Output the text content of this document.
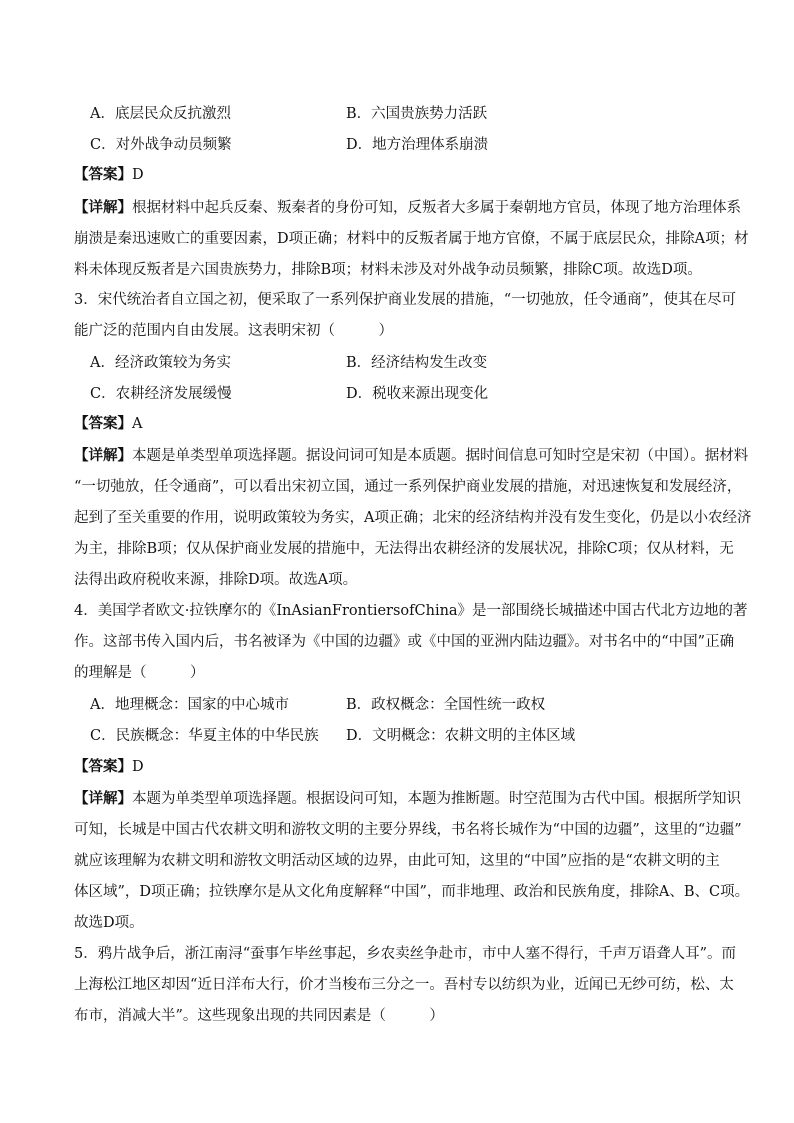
A．底层民众反抗激烈	B．六国贵族势力活跃
C．对外战争动员频繁	D．地方治理体系崩溃
【答案】D
【详解】根据材料中起兵反秦、叛秦者的身份可知，反叛者大多属于秦朝地方官员，体现了地方治理体系
崩溃是秦迅速败亡的重要因素，D项正确；材料中的反叛者属于地方官僚，不属于底层民众，排除A项；材
料未体现反叛者是六国贵族势力，排除B项；材料未涉及对外战争动员频繁，排除C项。故选D项。
3．宋代统治者自立国之初，便采取了一系列保护商业发展的措施，“一切弛放，任令通商”，使其在尽可
能广泛的范围内自由发展。这表明宋初（　　　）
A．经济政策较为务实	B．经济结构发生改变
C．农耕经济发展缓慢	D．税收来源出现变化
【答案】A
【详解】本题是单类型单项选择题。据设问词可知是本质题。据时间信息可知时空是宋初（中国）。据材料
“一切弛放，任令通商”，可以看出宋初立国，通过一系列保护商业发展的措施，对迅速恢复和发展经济，
起到了至关重要的作用，说明政策较为务实，A项正确；北宋的经济结构并没有发生变化，仍是以小农经济
为主，排除B项；仅从保护商业发展的措施中，无法得出农耕经济的发展状况，排除C项；仅从材料，无
法得出政府税收来源，排除D项。故选A项。
4．美国学者欧文·拉铁摩尔的《InAsianFrontiersofChina》是一部围绕长城描述中国古代北方边地的著
作。这部书传入国内后，书名被译为《中国的边疆》或《中国的亚洲内陆边疆》。对书名中的“中国”正确
的理解是（　　　）
A．地理概念：国家的中心城市	B．政权概念：全国性统一政权
C．民族概念：华夏主体的中华民族	D．文明概念：农耕文明的主体区域
【答案】D
【详解】本题为单类型单项选择题。根据设问可知，本题为推断题。时空范围为古代中国。根据所学知识
可知，长城是中国古代农耕文明和游牧文明的主要分界线，书名将长城作为“中国的边疆”，这里的“边疆”
就应该理解为农耕文明和游牧文明活动区域的边界，由此可知，这里的“中国”应指的是“农耕文明的主
体区域”，D项正确；拉铁摩尔是从文化角度解释“中国”，而非地理、政治和民族角度，排除A、B、C项。
故选D项。
5．鸦片战争后，浙江南浔“蚕事乍毕丝事起，乡农卖丝争赴市，市中人塞不得行，千声万语聋人耳”。而
上海松江地区却因“近日洋布大行，价才当梭布三分之一。吾村专以纺织为业，近闻已无纱可纺，松、太
布市，消减大半”。这些现象出现的共同因素是（　　　）
